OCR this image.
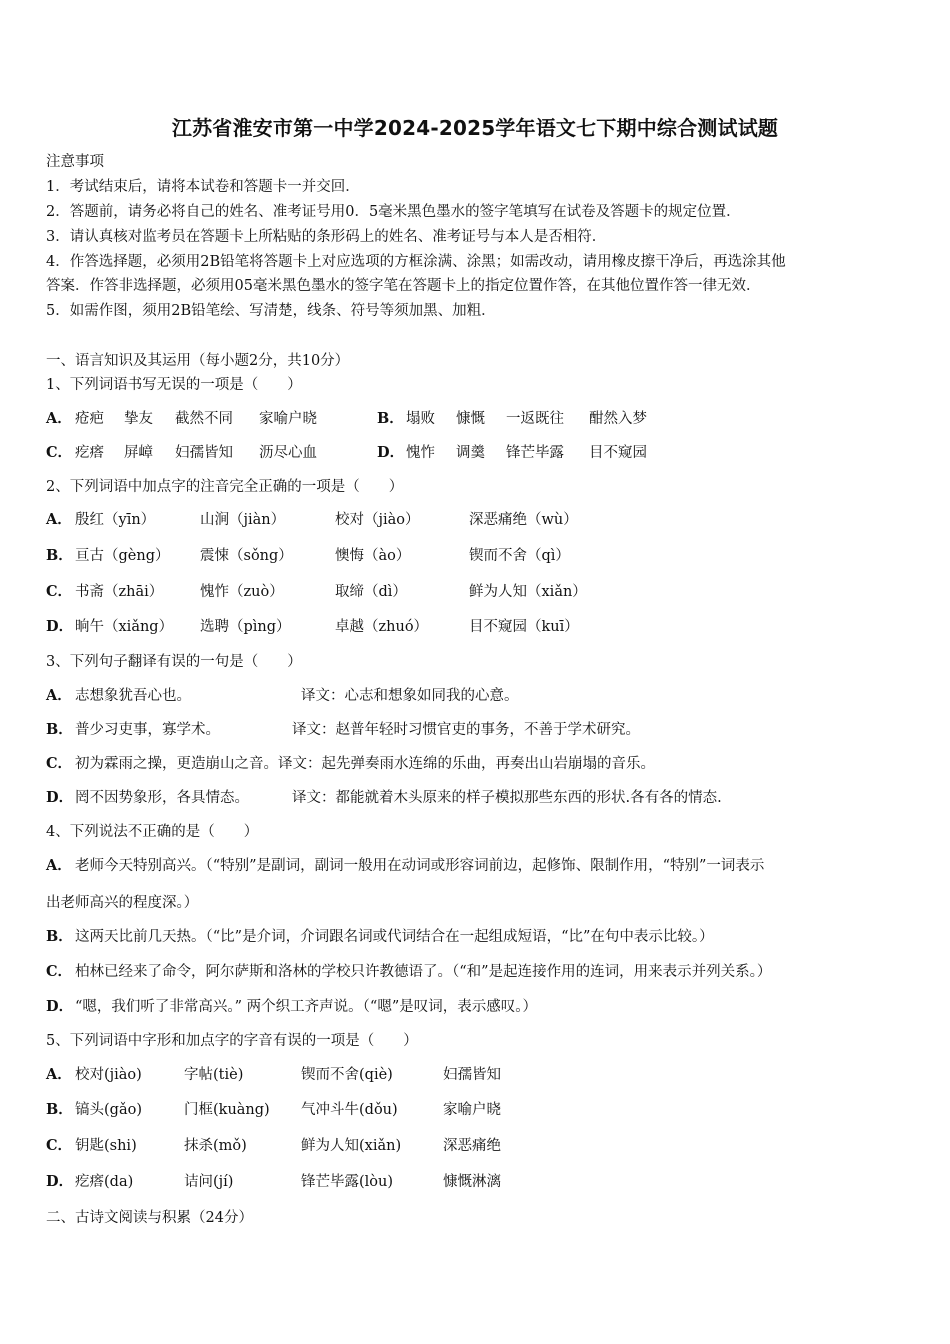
江苏省淮安市第一中学2024-2025学年语文七下期中综合测试试题
注意事项
1．考试结束后，请将本试卷和答题卡一并交回．
2．答题前，请务必将自己的姓名、准考证号用0．5毫米黑色墨水的签字笔填写在试卷及答题卡的规定位置．
3．请认真核对监考员在答题卡上所粘贴的条形码上的姓名、准考证号与本人是否相符．
4．作答选择题，必须用2B铅笔将答题卡上对应选项的方框涂满、涂黑；如需改动，请用橡皮擦干净后，再选涂其他
答案．作答非选择题，必须用05毫米黑色墨水的签字笔在答题卡上的指定位置作答，在其他位置作答一律无效．
5．如需作图，须用2B铅笔绘、写清楚，线条、符号等须加黑、加粗．
一、语言知识及其运用（每小题2分，共10分）
1、下列词语书写无误的一项是（　　）
A． 疮疤 挚友 截然不同 家喻户晓	B． 塌败 慷慨 一返既往 酣然入梦
C． 疙瘩 屏嶂 妇孺皆知 沥尽心血	D． 愧怍 调羹 锋芒毕露 目不窥园
2、下列词语中加点字的注音完全正确的一项是（　　）
A． 殷红（yīn）	山涧（jiàn）	校对（jiào）	深恶痛绝（wù）
B． 亘古（gèng） 震悚（sǒng）	懊悔（ào）	锲而不舍（qì）
C． 书斋（zhāi）	愧怍（zuò）	取缔（dì）	鲜为人知（xiǎn）
D． 晌午（xiǎng） 选聘（pìng）	卓越（zhuó）	目不窥园（kuī）
3、下列句子翻译有误的一句是（　　）
A． 志想象犹吾心也。	译文：心志和想象如同我的心意。
B． 普少习吏事，寡学术。	译文：赵普年轻时习惯官吏的事务，不善于学术研究。
C． 初为霖雨之操，更造崩山之音。译文：起先弹奏雨水连绵的乐曲，再奏出山岩崩塌的音乐。
D． 罔不因势象形，各具情态。	译文：都能就着木头原来的样子模拟那些东西的形状.各有各的情态.
4、下列说法不正确的是（　　）
A． 老师今天特别高兴。（“特别”是副词，副词一般用在动词或形容词前边，起修饰、限制作用，“特别”一词表示
出老师高兴的程度深。）
B． 这两天比前几天热。（“比”是介词，介词跟名词或代词结合在一起组成短语，“比”在句中表示比较。）
C． 柏林已经来了命令，阿尔萨斯和洛林的学校只许教德语了。（“和”是起连接作用的连词，用来表示并列关系。）
D． “嗯，我们听了非常高兴。” 两个织工齐声说。（“嗯”是叹词，表示感叹。）
5、下列词语中字形和加点字的字音有误的一项是（　　）
A． 校对(jiào)	字帖(tiè)	锲而不舍(qiè)	妇孺皆知
B． 镐头(gǎo)	门框(kuàng) 气冲斗牛(dǒu)	家喻户晓
C． 钥匙(shi)	抹杀(mǒ)	鲜为人知(xiǎn)	深恶痛绝
D． 疙瘩(da)	诘问(jí)	锋芒毕露(lòu)	慷慨淋漓
二、古诗文阅读与积累（24分）
